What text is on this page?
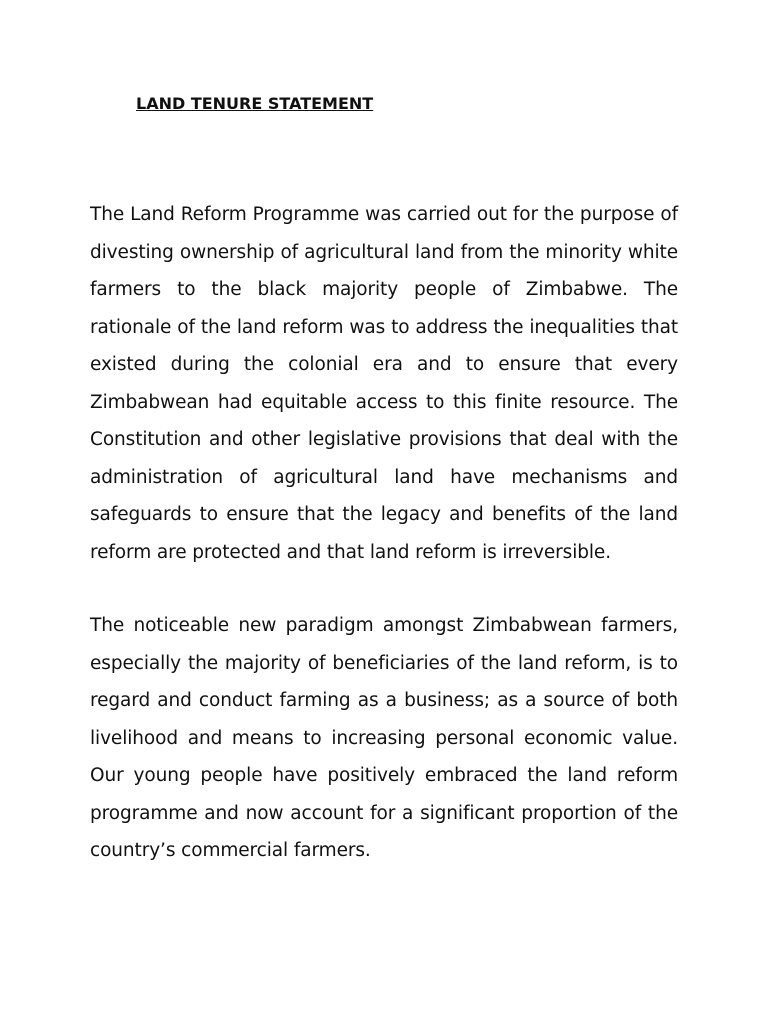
LAND TENURE STATEMENT

The Land Reform Programme was carried out for the purpose of divesting ownership of agricultural land from the minority white farmers to the black majority people of Zimbabwe. The rationale of the land reform was to address the inequalities that existed during the colonial era and to ensure that every Zimbabwean had equitable access to this finite resource. The Constitution and other legislative provisions that deal with the administration of agricultural land have mechanisms and safeguards to ensure that the legacy and benefits of the land reform are protected and that land reform is irreversible.

The noticeable new paradigm amongst Zimbabwean farmers, especially the majority of beneficiaries of the land reform, is to regard and conduct farming as a business; as a source of both livelihood and means to increasing personal economic value. Our young people have positively embraced the land reform programme and now account for a significant proportion of the country’s commercial farmers.
